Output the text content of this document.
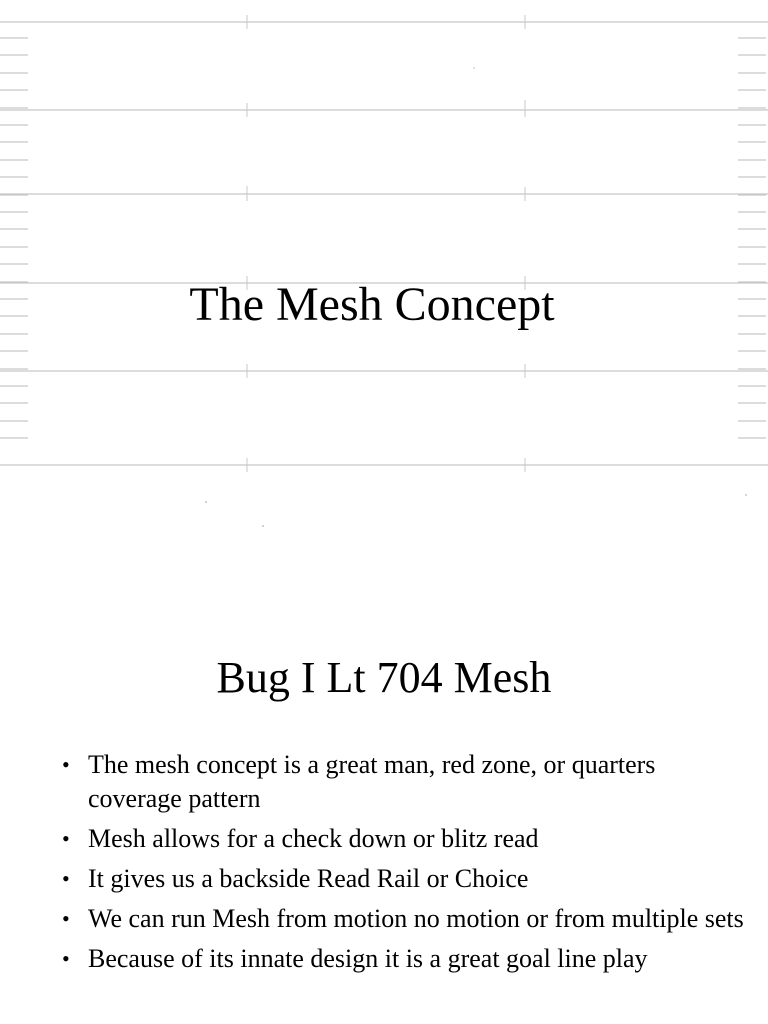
The Mesh Concept
Bug I Lt 704 Mesh
• The mesh concept is a great man, red zone, or quarters coverage pattern
• Mesh allows for a check down or blitz read
• It gives us a backside Read Rail or Choice
• We can run Mesh from motion no motion or from multiple sets
• Because of its innate design it is a great goal line play
